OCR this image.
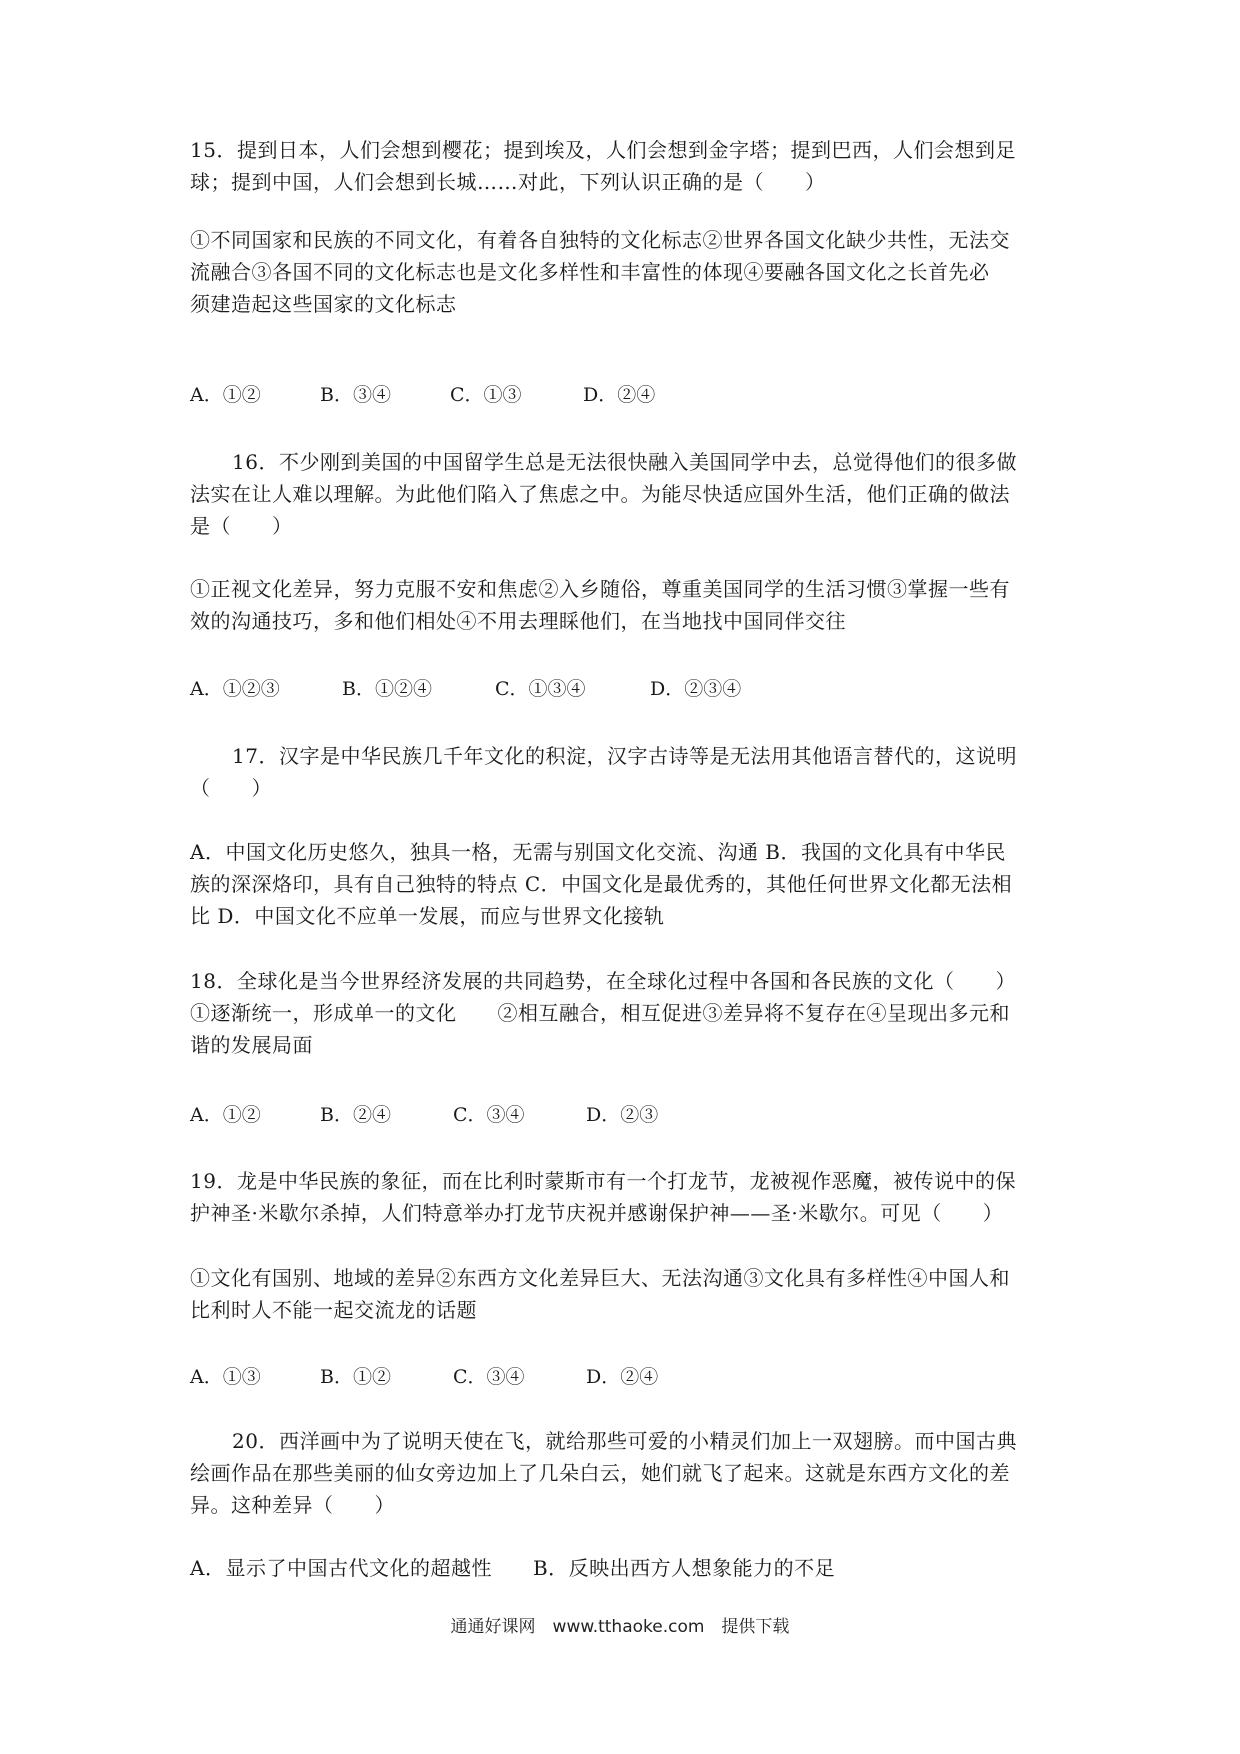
15．提到日本，人们会想到樱花；提到埃及，人们会想到金字塔；提到巴西，人们会想到足
球；提到中国，人们会想到长城……对此，下列认识正确的是（　　）
①不同国家和民族的不同文化，有着各自独特的文化标志②世界各国文化缺少共性，无法交
流融合③各国不同的文化标志也是文化多样性和丰富性的体现④要融各国文化之长首先必
须建造起这些国家的文化标志
A．①②	B．③④	C．①③	D．②④
16．不少刚到美国的中国留学生总是无法很快融入美国同学中去，总觉得他们的很多做
法实在让人难以理解。为此他们陷入了焦虑之中。为能尽快适应国外生活，他们正确的做法
是（　　）
①正视文化差异，努力克服不安和焦虑②入乡随俗，尊重美国同学的生活习惯③掌握一些有
效的沟通技巧，多和他们相处④不用去理睬他们，在当地找中国同伴交往
A．①②③	B．①②④	C．①③④	D．②③④
17．汉字是中华民族几千年文化的积淀，汉字古诗等是无法用其他语言替代的，这说明
（　　）
A．中国文化历史悠久，独具一格，无需与别国文化交流、沟通 B．我国的文化具有中华民
族的深深烙印，具有自己独特的特点 C．中国文化是最优秀的，其他任何世界文化都无法相
比 D．中国文化不应单一发展，而应与世界文化接轨
18．全球化是当今世界经济发展的共同趋势，在全球化过程中各国和各民族的文化（　　）
①逐渐统一，形成单一的文化　　②相互融合，相互促进③差异将不复存在④呈现出多元和
谐的发展局面
A．①②	B．②④	C．③④	D．②③
19．龙是中华民族的象征，而在比利时蒙斯市有一个打龙节，龙被视作恶魔，被传说中的保
护神圣·米歇尔杀掉，人们特意举办打龙节庆祝并感谢保护神——圣·米歇尔。可见（　　）
①文化有国别、地域的差异②东西方文化差异巨大、无法沟通③文化具有多样性④中国人和
比利时人不能一起交流龙的话题
A．①③	B．①②	C．③④	D．②④
20．西洋画中为了说明天使在飞，就给那些可爱的小精灵们加上一双翅膀。而中国古典
绘画作品在那些美丽的仙女旁边加上了几朵白云，她们就飞了起来。这就是东西方文化的差
异。这种差异（　　）
A．显示了中国古代文化的超越性　　B．反映出西方人想象能力的不足
通通好课网　www.tthaoke.com　提供下载
